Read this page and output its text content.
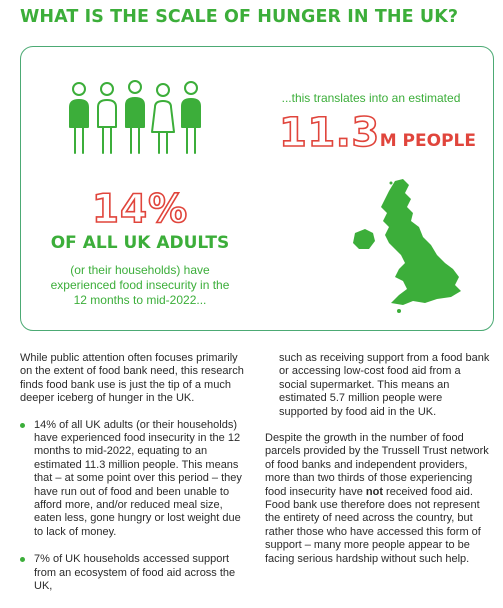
WHAT IS THE SCALE OF HUNGER IN THE UK?
14%
OF ALL UK ADULTS
(or their households) have experienced food insecurity in the 12 months to mid-2022...
...this translates into an estimated
11.3M PEOPLE

While public attention often focuses primarily on the extent of food bank need, this research finds food bank use is just the tip of a much deeper iceberg of hunger in the UK.

14% of all UK adults (or their households) have experienced food insecurity in the 12 months to mid-2022, equating to an estimated 11.3 million people. This means that – at some point over this period – they have run out of food and been unable to afford more, and/or reduced meal size, eaten less, gone hungry or lost weight due to lack of money.
7% of UK households accessed support from an ecosystem of food aid across the UK,

such as receiving support from a food bank or accessing low-cost food aid from a social supermarket. This means an estimated 5.7 million people were supported by food aid in the UK.

Despite the growth in the number of food parcels provided by the Trussell Trust network of food banks and independent providers, more than two thirds of those experiencing food insecurity have not received food aid. Food bank use therefore does not represent the entirety of need across the country, but rather those who have accessed this form of support – many more people appear to be facing serious hardship without such help.
